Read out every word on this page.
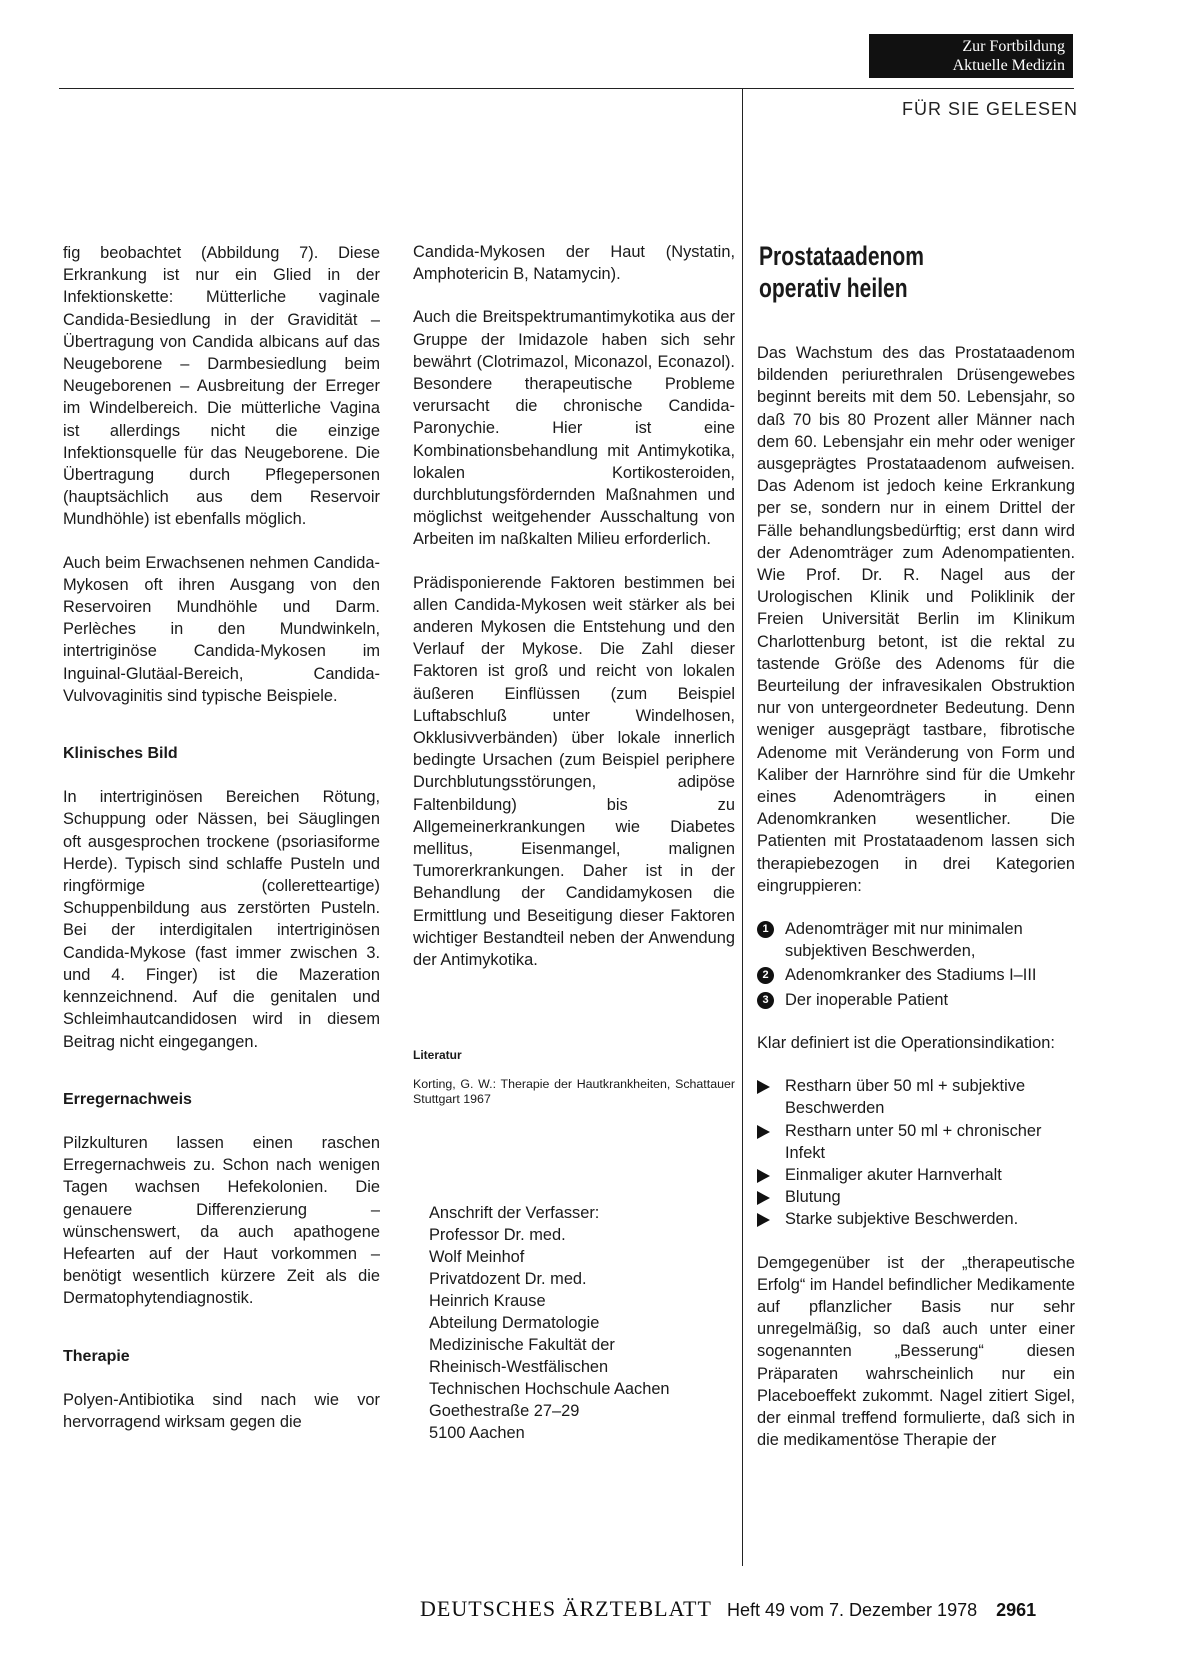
Zur Fortbildung
Aktuelle Medizin
FÜR SIE GELESEN

fig beobachtet (Abbildung 7). Diese Erkrankung ist nur ein Glied in der Infektionskette: Mütterliche vaginale Candida-Besiedlung in der Gravidität – Übertragung von Candida albicans auf das Neugeborene – Darmbesiedlung beim Neugeborenen – Ausbreitung der Erreger im Windelbereich. Die mütterliche Vagina ist allerdings nicht die einzige Infektionsquelle für das Neugeborene. Die Übertragung durch Pflegepersonen (hauptsächlich aus dem Reservoir Mundhöhle) ist ebenfalls möglich.

Auch beim Erwachsenen nehmen Candida-Mykosen oft ihren Ausgang von den Reservoiren Mundhöhle und Darm. Perlèches in den Mundwinkeln, intertriginöse Candida-Mykosen im Inguinal-Glutäal-Bereich, Candida-Vulvovaginitis sind typische Beispiele.

Klinisches Bild

In intertriginösen Bereichen Rötung, Schuppung oder Nässen, bei Säuglingen oft ausgesprochen trockene (psoriasiforme Herde). Typisch sind schlaffe Pusteln und ringförmige (colleretteartige) Schuppenbildung aus zerstörten Pusteln. Bei der interdigitalen intertriginösen Candida-Mykose (fast immer zwischen 3. und 4. Finger) ist die Mazeration kennzeichnend. Auf die genitalen und Schleimhautcandidosen wird in diesem Beitrag nicht eingegangen.

Erregernachweis

Pilzkulturen lassen einen raschen Erregernachweis zu. Schon nach wenigen Tagen wachsen Hefekolonien. Die genauere Differenzierung – wünschenswert, da auch apathogene Hefearten auf der Haut vorkommen – benötigt wesentlich kürzere Zeit als die Dermatophytendiagnostik.

Therapie

Polyen-Antibiotika sind nach wie vor hervorragend wirksam gegen die

Candida-Mykosen der Haut (Nystatin, Amphotericin B, Natamycin).

Auch die Breitspektrumantimykotika aus der Gruppe der Imidazole haben sich sehr bewährt (Clotrimazol, Miconazol, Econazol). Besondere therapeutische Probleme verursacht die chronische Candida-Paronychie. Hier ist eine Kombinationsbehandlung mit Antimykotika, lokalen Kortikosteroiden, durchblutungsfördernden Maßnahmen und möglichst weitgehender Ausschaltung von Arbeiten im naßkalten Milieu erforderlich.

Prädisponierende Faktoren bestimmen bei allen Candida-Mykosen weit stärker als bei anderen Mykosen die Entstehung und den Verlauf der Mykose. Die Zahl dieser Faktoren ist groß und reicht von lokalen äußeren Einflüssen (zum Beispiel Luftabschluß unter Windelhosen, Okklusivverbänden) über lokale innerlich bedingte Ursachen (zum Beispiel periphere Durchblutungsstörungen, adipöse Faltenbildung) bis zu Allgemeinerkrankungen wie Diabetes mellitus, Eisenmangel, malignen Tumorerkrankungen. Daher ist in der Behandlung der Candidamykosen die Ermittlung und Beseitigung dieser Faktoren wichtiger Bestandteil neben der Anwendung der Antimykotika.

Literatur

Korting, G. W.: Therapie der Hautkrankheiten, Schattauer Stuttgart 1967

Anschrift der Verfasser:
Professor Dr. med.
Wolf Meinhof
Privatdozent Dr. med.
Heinrich Krause
Abteilung Dermatologie
Medizinische Fakultät der
Rheinisch-Westfälischen
Technischen Hochschule Aachen
Goethestraße 27–29
5100 Aachen
Prostataadenom operativ heilen

Das Wachstum des das Prostataadenom bildenden periurethralen Drüsengewebes beginnt bereits mit dem 50. Lebensjahr, so daß 70 bis 80 Prozent aller Männer nach dem 60. Lebensjahr ein mehr oder weniger ausgeprägtes Prostataadenom aufweisen. Das Adenom ist jedoch keine Erkrankung per se, sondern nur in einem Drittel der Fälle behandlungsbedürftig; erst dann wird der Adenomträger zum Adenompatienten. Wie Prof. Dr. R. Nagel aus der Urologischen Klinik und Poliklinik der Freien Universität Berlin im Klinikum Charlottenburg betont, ist die rektal zu tastende Größe des Adenoms für die Beurteilung der infravesikalen Obstruktion nur von untergeordneter Bedeutung. Denn weniger ausgeprägt tastbare, fibrotische Adenome mit Veränderung von Form und Kaliber der Harnröhre sind für die Umkehr eines Adenomträgers in einen Adenomkranken wesentlicher. Die Patienten mit Prostataadenom lassen sich therapiebezogen in drei Kategorien eingruppieren:

1	Adenomträger mit nur minimalen subjektiven Beschwerden,
2	Adenomkranker des Stadiums I–III
3	Der inoperable Patient

Klar definiert ist die Operationsindikation:

Restharn über 50 ml + subjektive Beschwerden
Restharn unter 50 ml + chronischer Infekt
Einmaliger akuter Harnverhalt
Blutung
Starke subjektive Beschwerden.

Demgegenüber ist der „therapeutische Erfolg“ im Handel befindlicher Medikamente auf pflanzlicher Basis nur sehr unregelmäßig, so daß auch unter einer sogenannten „Besserung“ diesen Präparaten wahrscheinlich nur ein Placeboeffekt zukommt. Nagel zitiert Sigel, der einmal treffend formulierte, daß sich in die medikamentöse Therapie der

DEUTSCHES ÄRZTEBLATT Heft 49 vom 7. Dezember 1978 2961
